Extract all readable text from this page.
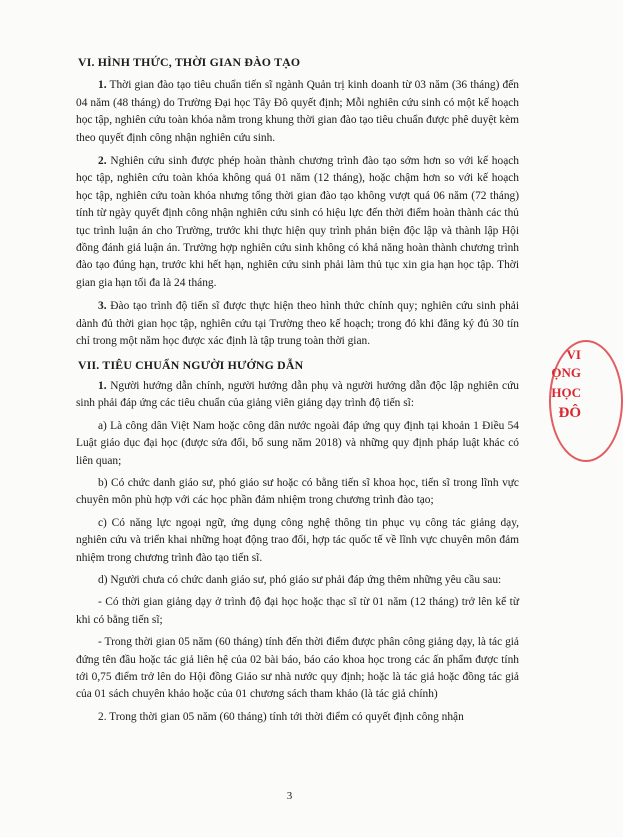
VI. HÌNH THỨC, THỜI GIAN ĐÀO TẠO

1. Thời gian đào tạo tiêu chuẩn tiến sĩ ngành Quản trị kinh doanh từ 03 năm (36 tháng) đến 04 năm (48 tháng) do Trường Đại học Tây Đô quyết định; Mỗi nghiên cứu sinh có một kế hoạch học tập, nghiên cứu toàn khóa nằm trong khung thời gian đào tạo tiêu chuẩn được phê duyệt kèm theo quyết định công nhận nghiên cứu sinh.

2. Nghiên cứu sinh được phép hoàn thành chương trình đào tạo sớm hơn so với kế hoạch học tập, nghiên cứu toàn khóa không quá 01 năm (12 tháng), hoặc chậm hơn so với kế hoạch học tập, nghiên cứu toàn khóa nhưng tổng thời gian đào tạo không vượt quá 06 năm (72 tháng) tính từ ngày quyết định công nhận nghiên cứu sinh có hiệu lực đến thời điểm hoàn thành các thủ tục trình luận án cho Trường, trước khi thực hiện quy trình phản biện độc lập và thành lập Hội đồng đánh giá luận án. Trường hợp nghiên cứu sinh không có khả năng hoàn thành chương trình đào tạo đúng hạn, trước khi hết hạn, nghiên cứu sinh phải làm thủ tục xin gia hạn học tập. Thời gian gia hạn tối đa là 24 tháng.

3. Đào tạo trình độ tiến sĩ được thực hiện theo hình thức chính quy; nghiên cứu sinh phải dành đủ thời gian học tập, nghiên cứu tại Trường theo kế hoạch; trong đó khi đăng ký đủ 30 tín chỉ trong một năm học được xác định là tập trung toàn thời gian.

VII. TIÊU CHUẨN NGƯỜI HƯỚNG DẪN

1. Người hướng dẫn chính, người hướng dẫn phụ và người hướng dẫn độc lập nghiên cứu sinh phải đáp ứng các tiêu chuẩn của giảng viên giảng dạy trình độ tiến sĩ:

a) Là công dân Việt Nam hoặc công dân nước ngoài đáp ứng quy định tại khoản 1 Điều 54 Luật giáo dục đại học (được sửa đổi, bổ sung năm 2018) và những quy định pháp luật khác có liên quan;

b) Có chức danh giáo sư, phó giáo sư hoặc có bằng tiến sĩ khoa học, tiến sĩ trong lĩnh vực chuyên môn phù hợp với các học phần đảm nhiệm trong chương trình đào tạo;

c) Có năng lực ngoại ngữ, ứng dụng công nghệ thông tin phục vụ công tác giảng dạy, nghiên cứu và triển khai những hoạt động trao đổi, hợp tác quốc tế về lĩnh vực chuyên môn đảm nhiệm trong chương trình đào tạo tiến sĩ.

d) Người chưa có chức danh giáo sư, phó giáo sư phải đáp ứng thêm những yêu cầu sau:

- Có thời gian giảng dạy ở trình độ đại học hoặc thạc sĩ từ 01 năm (12 tháng) trở lên kể từ khi có bằng tiến sĩ;

- Trong thời gian 05 năm (60 tháng) tính đến thời điểm được phân công giảng dạy, là tác giả đứng tên đầu hoặc tác giả liên hệ của 02 bài báo, báo cáo khoa học trong các ấn phẩm được tính tới 0,75 điểm trở lên do Hội đồng Giáo sư nhà nước quy định; hoặc là tác giả hoặc đồng tác giả của 01 sách chuyên khảo hoặc của 01 chương sách tham khảo (là tác giả chính)

2. Trong thời gian 05 năm (60 tháng) tính tới thời điểm có quyết định công nhận

VI
ỌNG
HỌC
ĐÔ
3
